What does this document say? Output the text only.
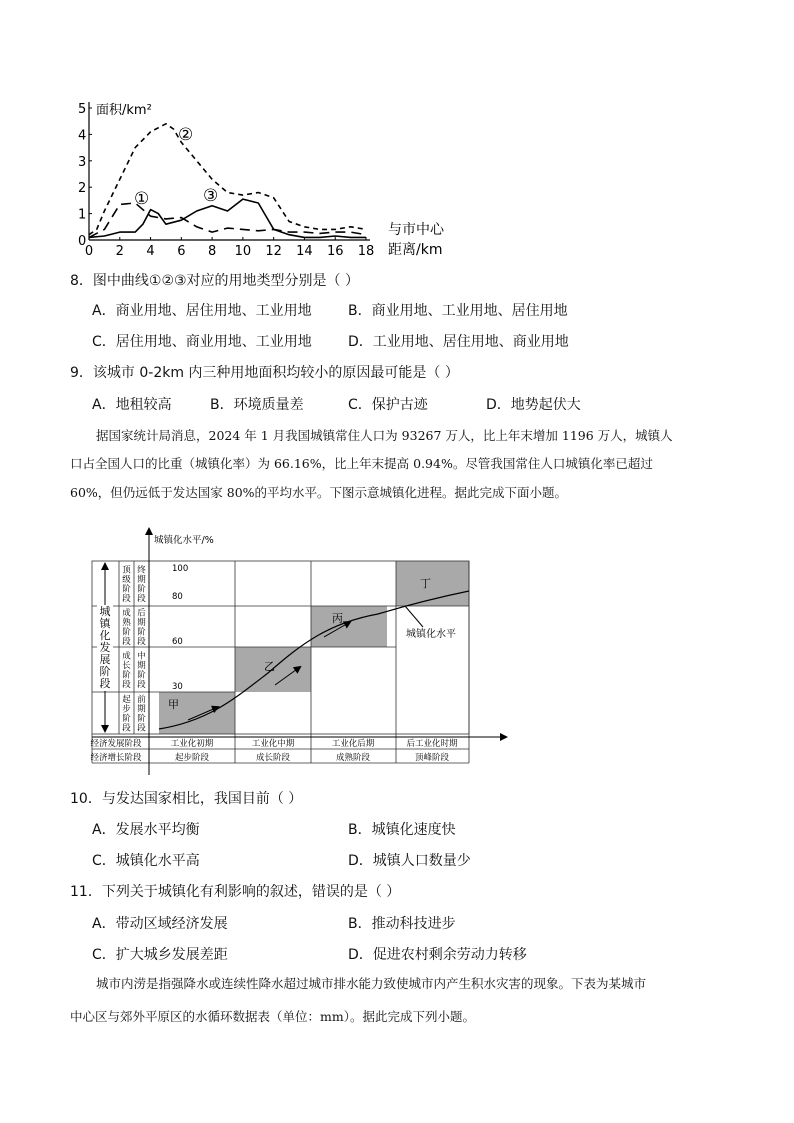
0
1
2
3
4
5
0 2 4 6 8 10 12 14 16 18
面积/km²
与市中心
距离/km
①
②
③
8．图中曲线①②③对应的用地类型分别是（ ）
A．商业用地、居住用地、工业用地	B．商业用地、工业用地、居住用地
C．居住用地、商业用地、工业用地	D．工业用地、居住用地、商业用地
9．该城市 0-2km 内三种用地面积均较小的原因最可能是（ ）
A．地租较高	B．环境质量差	C．保护古迹	D．地势起伏大
据国家统计局消息，2024 年 1 月我国城镇常住人口为 93267 万人，比上年末增加 1196 万人，城镇人
口占全国人口的比重（城镇化率）为 66.16%，比上年末提高 0.94%。尽管我国常住人口城镇化率已超过
60%，但仍远低于发达国家 80%的平均水平。下图示意城镇化进程。据此完成下面小题。
城镇化水平/%
城镇化发展阶段
顶级阶段
终期阶段
成熟阶段
后期阶段
成长阶段
中期阶段
起步阶段
前期阶段
100
80
60
30
甲
乙
丙
丁
城镇化水平
经济发展阶段
经济增长阶段
工业化初期	工业化中期	工业化后期	后工业化时期
起步阶段	成长阶段	成熟阶段	顶峰阶段
10．与发达国家相比，我国目前（ ）
A．发展水平均衡	B．城镇化速度快
C．城镇化水平高	D．城镇人口数量少
11．下列关于城镇化有利影响的叙述，错误的是（ ）
A．带动区域经济发展	B．推动科技进步
C．扩大城乡发展差距	D．促进农村剩余劳动力转移
城市内涝是指强降水或连续性降水超过城市排水能力致使城市内产生积水灾害的现象。下表为某城市
中心区与郊外平原区的水循环数据表（单位：mm）。据此完成下列小题。
